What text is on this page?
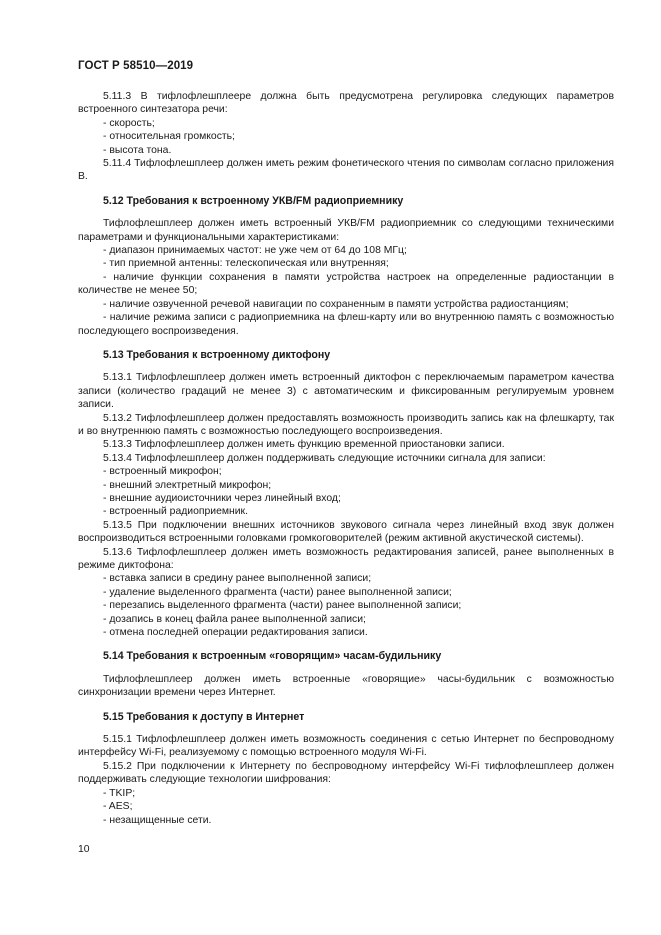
ГОСТ Р 58510—2019

5.11.3 В тифлофлешплеере должна быть предусмотрена регулировка следующих параметров встроенного синтезатора речи:

- скорость;

- относительная громкость;

- высота тона.

5.11.4 Тифлофлешплеер должен иметь режим фонетического чтения по символам согласно приложения В.

5.12 Требования к встроенному УКВ/FM радиоприемнику

Тифлофлешплеер должен иметь встроенный УКВ/FM радиоприемник со следующими техническими параметрами и функциональными характеристиками:

- диапазон принимаемых частот: не уже чем от 64 до 108 МГц;

- тип приемной антенны: телескопическая или внутренняя;

- наличие функции сохранения в памяти устройства настроек на определенные радиостанции в количестве не менее 50;

- наличие озвученной речевой навигации по сохраненным в памяти устройства радиостанциям;

- наличие режима записи с радиоприемника на флеш-карту или во внутреннюю память с возможностью последующего воспроизведения.

5.13 Требования к встроенному диктофону

5.13.1 Тифлофлешплеер должен иметь встроенный диктофон с переключаемым параметром качества записи (количество градаций не менее 3) с автоматическим и фиксированным регулируемым уровнем записи.

5.13.2 Тифлофлешплеер должен предоставлять возможность производить запись как на флешкарту, так и во внутреннюю память с возможностью последующего воспроизведения.

5.13.3 Тифлофлешплеер должен иметь функцию временной приостановки записи.

5.13.4 Тифлофлешплеер должен поддерживать следующие источники сигнала для записи:

- встроенный микрофон;

- внешний электретный микрофон;

- внешние аудиоисточники через линейный вход;

- встроенный радиоприемник.

5.13.5 При подключении внешних источников звукового сигнала через линейный вход звук должен воспроизводиться встроенными головками громкоговорителей (режим активной акустической системы).

5.13.6 Тифлофлешплеер должен иметь возможность редактирования записей, ранее выполненных в режиме диктофона:

- вставка записи в средину ранее выполненной записи;

- удаление выделенного фрагмента (части) ранее выполненной записи;

- перезапись выделенного фрагмента (части) ранее выполненной записи;

- дозапись в конец файла ранее выполненной записи;

- отмена последней операции редактирования записи.

5.14 Требования к встроенным «говорящим» часам-будильнику

Тифлофлешплеер должен иметь встроенные «говорящие» часы-будильник с возможностью синхронизации времени через Интернет.

5.15 Требования к доступу в Интернет

5.15.1 Тифлофлешплеер должен иметь возможность соединения с сетью Интернет по беспроводному интерфейсу Wi-Fi, реализуемому с помощью встроенного модуля Wi-Fi.

5.15.2 При подключении к Интернету по беспроводному интерфейсу Wi-Fi тифлофлешплеер должен поддерживать следующие технологии шифрования:

- TKIP;

- AES;

- незащищенные сети.

10
